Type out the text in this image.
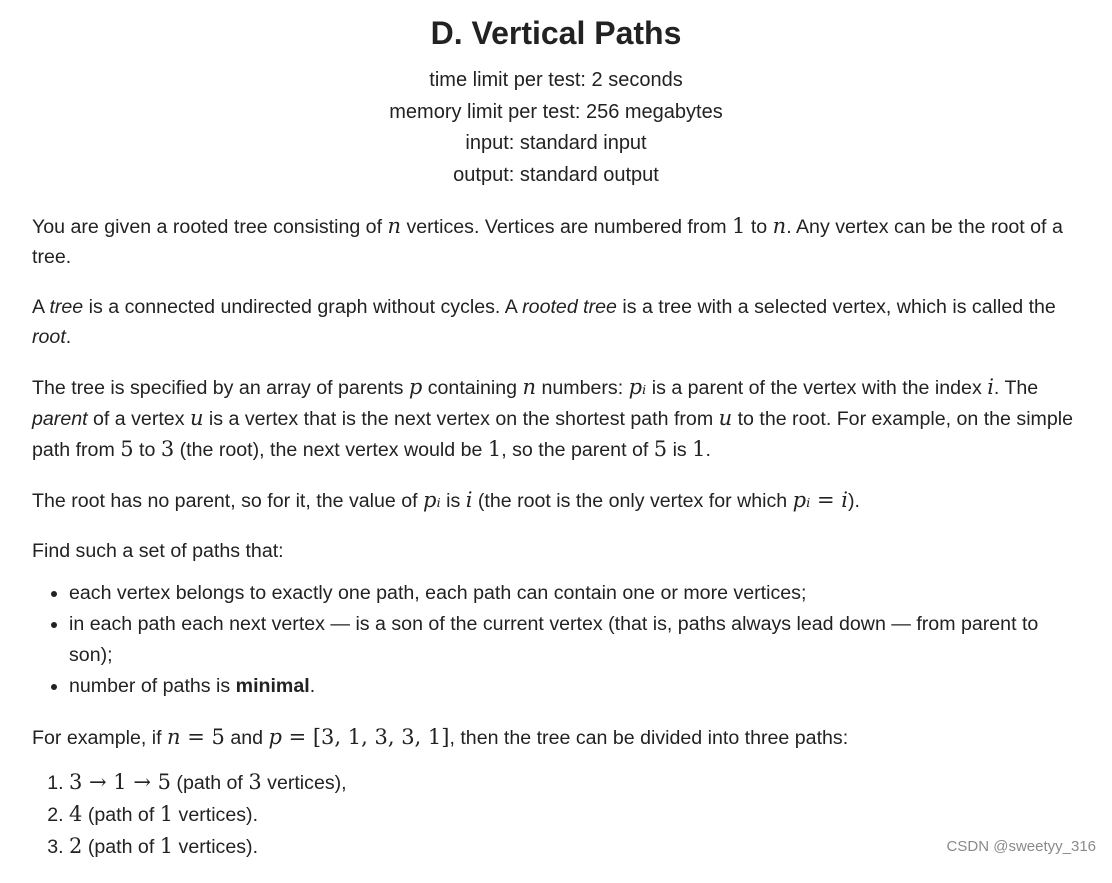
D. Vertical Paths
time limit per test: 2 seconds
memory limit per test: 256 megabytes
input: standard input
output: standard output

You are given a rooted tree consisting of n vertices. Vertices are numbered from 1 to n. Any vertex can be the root of a tree.

A tree is a connected undirected graph without cycles. A rooted tree is a tree with a selected vertex, which is called the root.

The tree is specified by an array of parents p containing n numbers: pᵢ is a parent of the vertex with the index i. The parent of a vertex u is a vertex that is the next vertex on the shortest path from u to the root. For example, on the simple path from 5 to 3 (the root), the next vertex would be 1, so the parent of 5 is 1.

The root has no parent, so for it, the value of pᵢ is i (the root is the only vertex for which pᵢ = i).

Find such a set of paths that:

• each vertex belongs to exactly one path, each path can contain one or more vertices;
• in each path each next vertex — is a son of the current vertex (that is, paths always lead down — from parent to son);
• number of paths is minimal.

For example, if n = 5 and p = [3, 1, 3, 3, 1], then the tree can be divided into three paths:

1. 3 → 1 → 5 (path of 3 vertices),
2. 4 (path of 1 vertices).
3. 2 (path of 1 vertices).	CSDN @sweetyy_316
